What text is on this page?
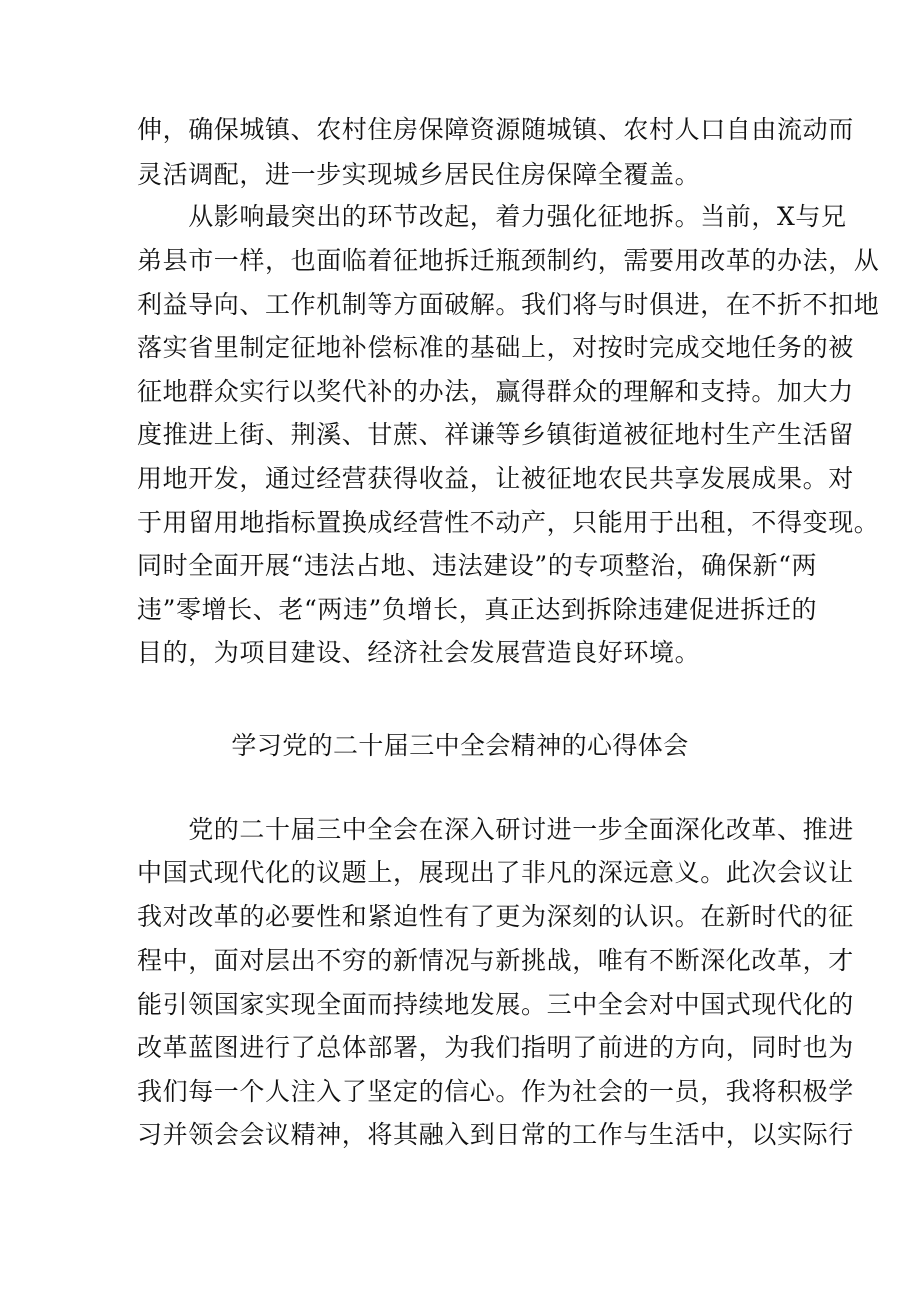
伸，确保城镇、农村住房保障资源随城镇、农村人口自由流动而
灵活调配，进一步实现城乡居民住房保障全覆盖。
　　从影响最突出的环节改起，着力强化征地拆。当前，X与兄
弟县市一样，也面临着征地拆迁瓶颈制约，需要用改革的办法，从
利益导向、工作机制等方面破解。我们将与时俱进，在不折不扣地
落实省里制定征地补偿标准的基础上，对按时完成交地任务的被
征地群众实行以奖代补的办法，赢得群众的理解和支持。加大力
度推进上街、荆溪、甘蔗、祥谦等乡镇街道被征地村生产生活留
用地开发，通过经营获得收益，让被征地农民共享发展成果。对
于用留用地指标置换成经营性不动产，只能用于出租，不得变现。
同时全面开展“违法占地、违法建设”的专项整治，确保新“两
违”零增长、老“两违”负增长，真正达到拆除违建促进拆迁的
目的，为项目建设、经济社会发展营造良好环境。
学习党的二十届三中全会精神的心得体会
　　党的二十届三中全会在深入研讨进一步全面深化改革、推进
中国式现代化的议题上，展现出了非凡的深远意义。此次会议让
我对改革的必要性和紧迫性有了更为深刻的认识。在新时代的征
程中，面对层出不穷的新情况与新挑战，唯有不断深化改革，才
能引领国家实现全面而持续地发展。三中全会对中国式现代化的
改革蓝图进行了总体部署，为我们指明了前进的方向，同时也为
我们每一个人注入了坚定的信心。作为社会的一员，我将积极学
习并领会会议精神，将其融入到日常的工作与生活中，以实际行
